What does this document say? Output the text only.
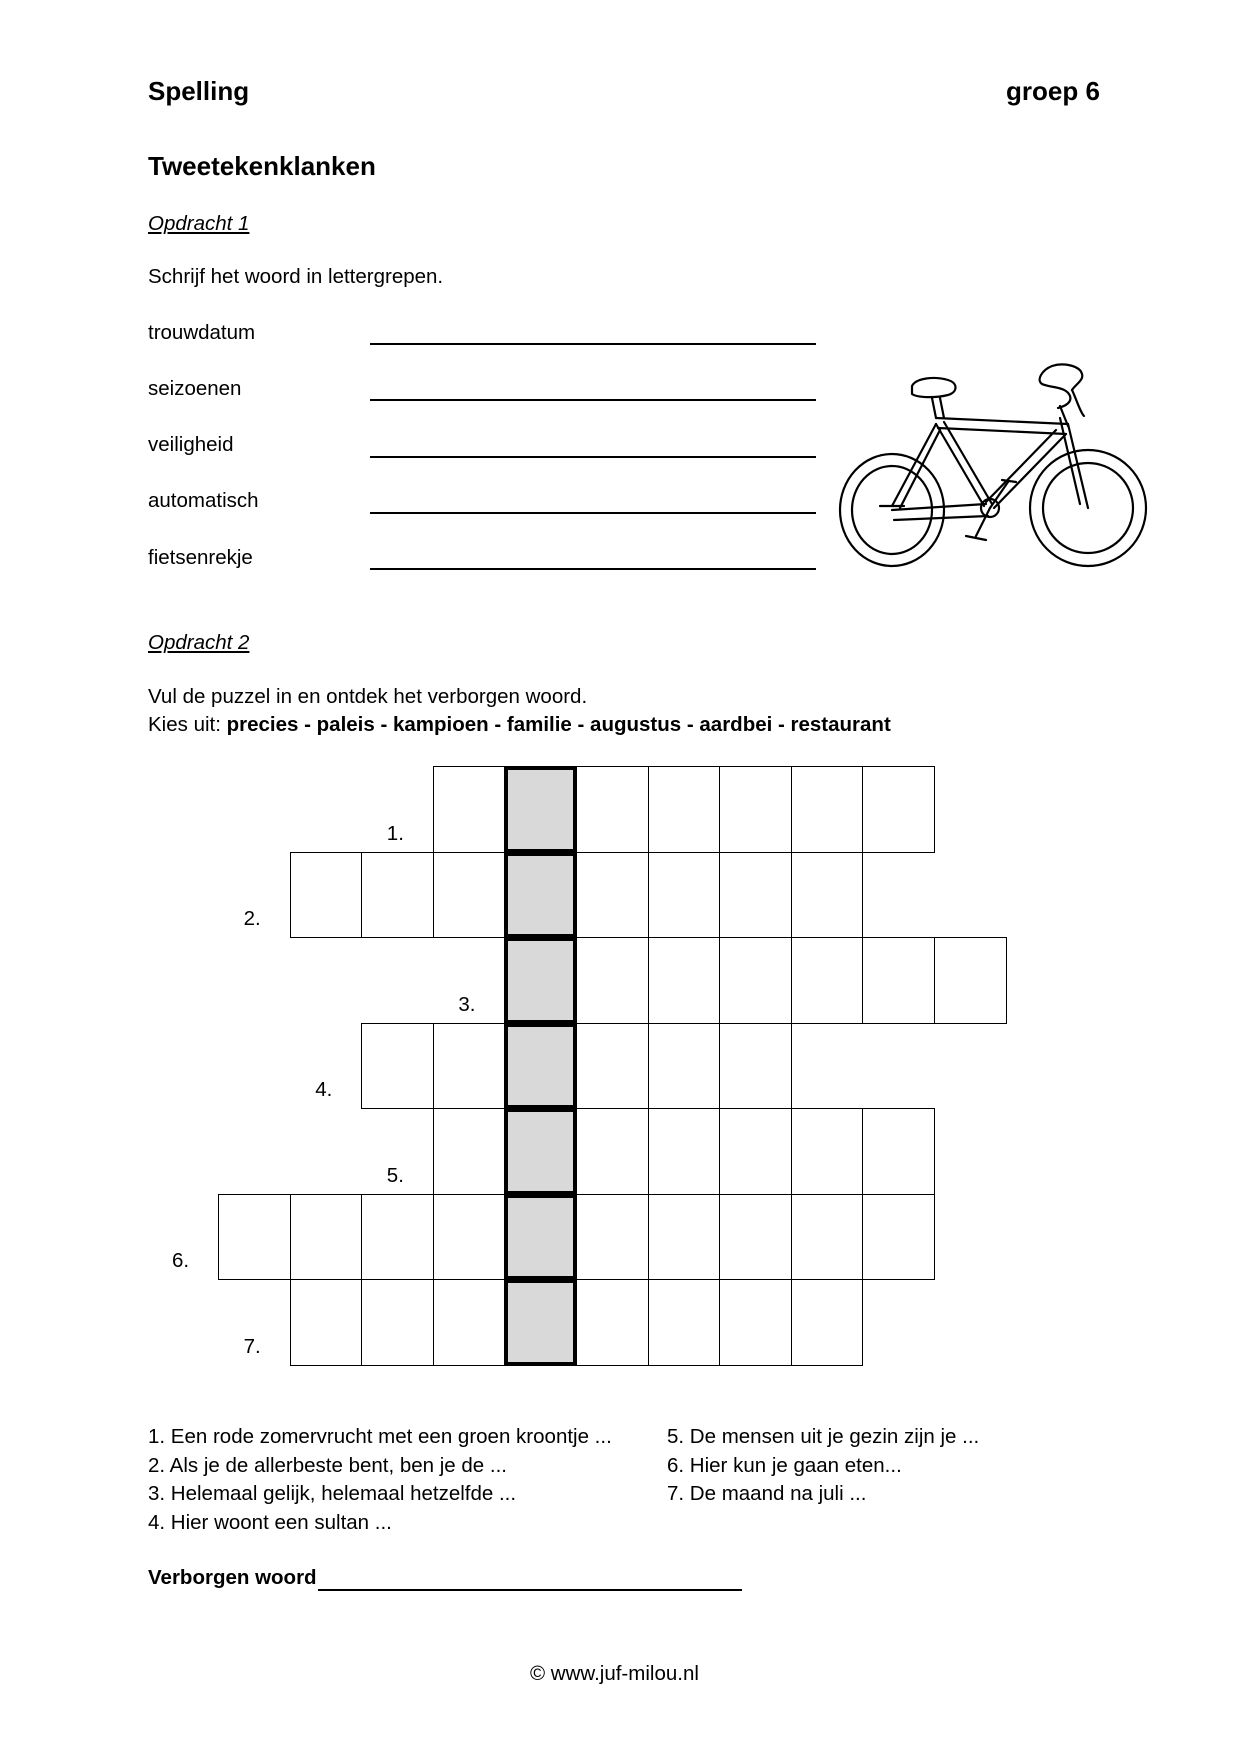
Spelling	groep 6
Tweetekenklanken
Opdracht 1
Schrijf het woord in lettergrepen.
trouwdatum
seizoenen
veiligheid
automatisch
fietsenrekje
Opdracht 2
Vul de puzzel in en ontdek het verborgen woord.
Kies uit: precies - paleis - kampioen - familie - augustus - aardbei - restaurant
1.
2.
3.
4.
5.
6.
7.
1. Een rode zomervrucht met een groen kroontje ...
2. Als je de allerbeste bent, ben je de ...
3. Helemaal gelijk, helemaal hetzelfde ...
4. Hier woont een sultan ...
5. De mensen uit je gezin zijn je ...
6. Hier kun je gaan eten...
7. De maand na juli ...
Verborgen woord
© www.juf-milou.nl
